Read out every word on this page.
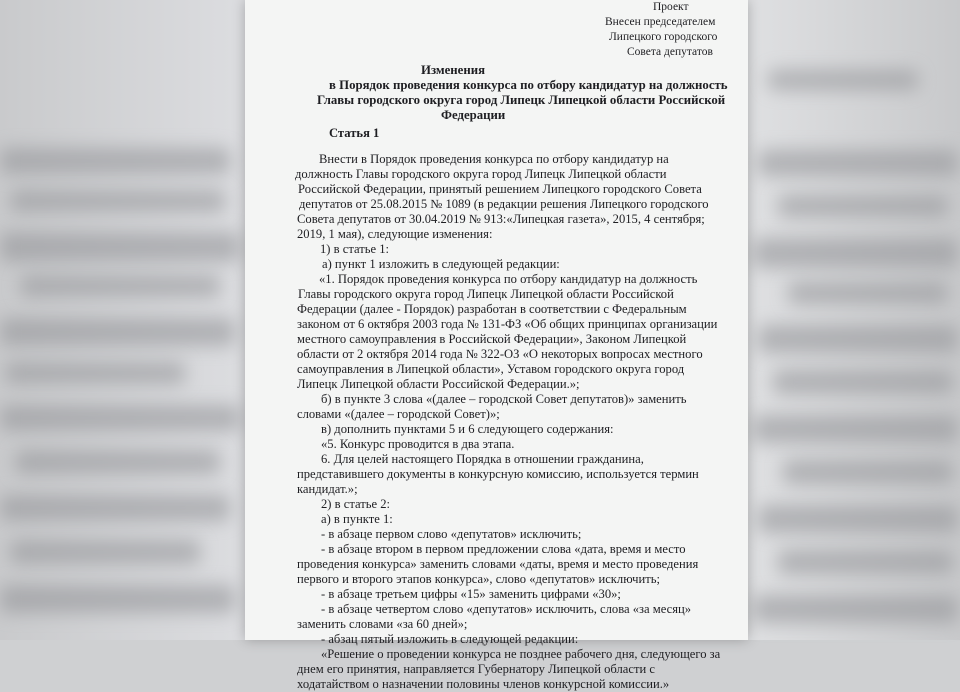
Проект
Внесен председателем
Липецкого городского
Совета депутатов
Изменения
в Порядок проведения конкурса по отбору кандидатур на должность
Главы городского округа город Липецк Липецкой области Российской
Федерации
Статья 1
Внести в Порядок проведения конкурса по отбору кандидатур на
должность Главы городского округа город Липецк Липецкой области
Российской Федерации, принятый решением Липецкого городского Совета
депутатов от 25.08.2015 № 1089 (в редакции решения Липецкого городского
Совета депутатов от 30.04.2019 № 913:«Липецкая газета», 2015, 4 сентября;
2019, 1 мая), следующие изменения:
1) в статье 1:
а) пункт 1 изложить в следующей редакции:
«1. Порядок проведения конкурса по отбору кандидатур на должность
Главы городского округа город Липецк Липецкой области Российской
Федерации (далее - Порядок) разработан в соответствии с Федеральным
законом от 6 октября 2003 года № 131-ФЗ «Об общих принципах организации
местного самоуправления в Российской Федерации», Законом Липецкой
области от 2 октября 2014 года № 322-ОЗ «О некоторых вопросах местного
самоуправления в Липецкой области», Уставом городского округа город
Липецк Липецкой области Российской Федерации.»;
б) в пункте 3 слова «(далее – городской Совет депутатов)» заменить
словами «(далее – городской Совет)»;
в) дополнить пунктами 5 и 6 следующего содержания:
«5. Конкурс проводится в два этапа.
6. Для целей настоящего Порядка в отношении гражданина,
представившего документы в конкурсную комиссию, используется термин
кандидат.»;
2) в статье 2:
а) в пункте 1:
- в абзаце первом слово «депутатов» исключить;
- в абзаце втором в первом предложении слова «дата, время и место
проведения конкурса» заменить словами «даты, время и место проведения
первого и второго этапов конкурса», слово «депутатов» исключить;
- в абзаце третьем цифры «15» заменить цифрами «30»;
- в абзаце четвертом слово «депутатов» исключить, слова «за месяц»
заменить словами «за 60 дней»;
- абзац пятый изложить в следующей редакции:
«Решение о проведении конкурса не позднее рабочего дня, следующего за
днем его принятия, направляется Губернатору Липецкой области с
ходатайством о назначении половины членов конкурсной комиссии.»
